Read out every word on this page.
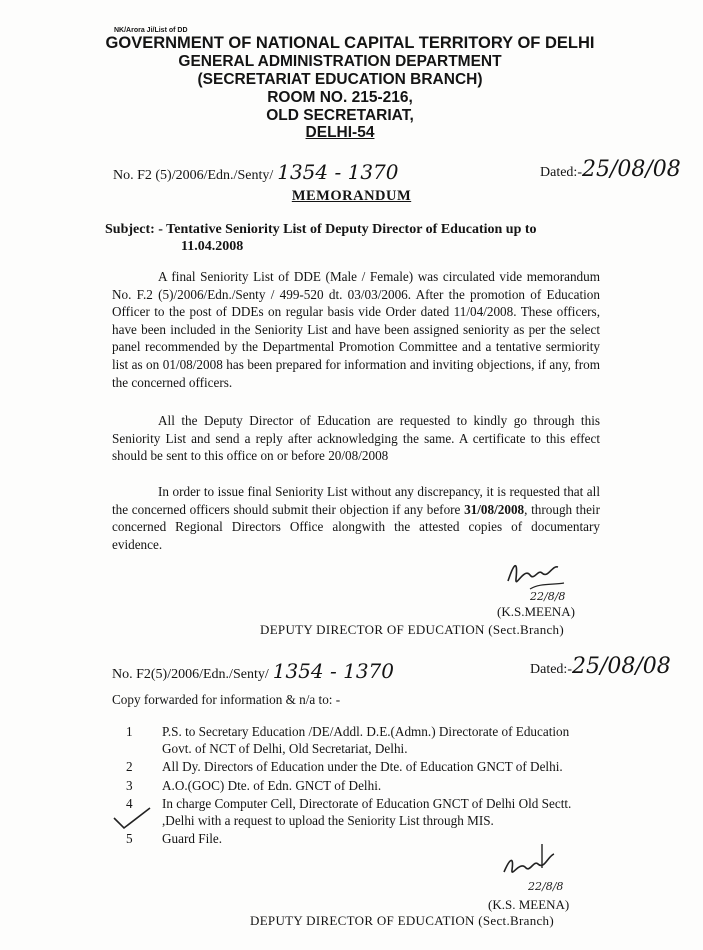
NK/Arora Ji/List of DD
GOVERNMENT OF NATIONAL CAPITAL TERRITORY OF DELHI
GENERAL ADMINISTRATION DEPARTMENT
(SECRETARIAT EDUCATION BRANCH)
ROOM NO. 215-216,
OLD SECRETARIAT,
DELHI-54
No. F2 (5)/2006/Edn./Senty/ 1354 - 1370	Dated:-25/08/08
MEMORANDUM
Subject: - Tentative Seniority List of Deputy Director of Education up to
11.04.2008

A final Seniority List of DDE (Male / Female) was circulated vide memorandum No. F.2 (5)/2006/Edn./Senty / 499-520 dt. 03/03/2006. After the promotion of Education Officer to the post of DDEs on regular basis vide Order dated 11/04/2008. These officers, have been included in the Seniority List and have been assigned seniority as per the select panel recommended by the Departmental Promotion Committee and a tentative sermiority list as on 01/08/2008 has been prepared for information and inviting objections, if any, from the concerned officers.

All the Deputy Director of Education are requested to kindly go through this Seniority List and send a reply after acknowledging the same. A certificate to this effect should be sent to this office on or before 20/08/2008

In order to issue final Seniority List without any discrepancy, it is requested that all the concerned officers should submit their objection if any before 31/08/2008, through their concerned Regional Directors Office alongwith the attested copies of documentary evidence.

22/8/8
(K.S.MEENA)
DEPUTY DIRECTOR OF EDUCATION (Sect.Branch)
No. F2(5)/2006/Edn./Senty/ 1354 - 1370	Dated:-25/08/08
Copy forwarded for information & n/a to: -
1 P.S. to Secretary Education /DE/Addl. D.E.(Admn.) Directorate of Education Govt. of NCT of Delhi, Old Secretariat, Delhi.
2 All Dy. Directors of Education under the Dte. of Education GNCT of Delhi.
3 A.O.(GOC) Dte. of Edn. GNCT of Delhi.
4 In charge Computer Cell, Directorate of Education GNCT of Delhi Old Sectt. ,Delhi with a request to upload the Seniority List through MIS.
5 Guard File.
22/8/8
(K.S. MEENA)
DEPUTY DIRECTOR OF EDUCATION (Sect.Branch)
